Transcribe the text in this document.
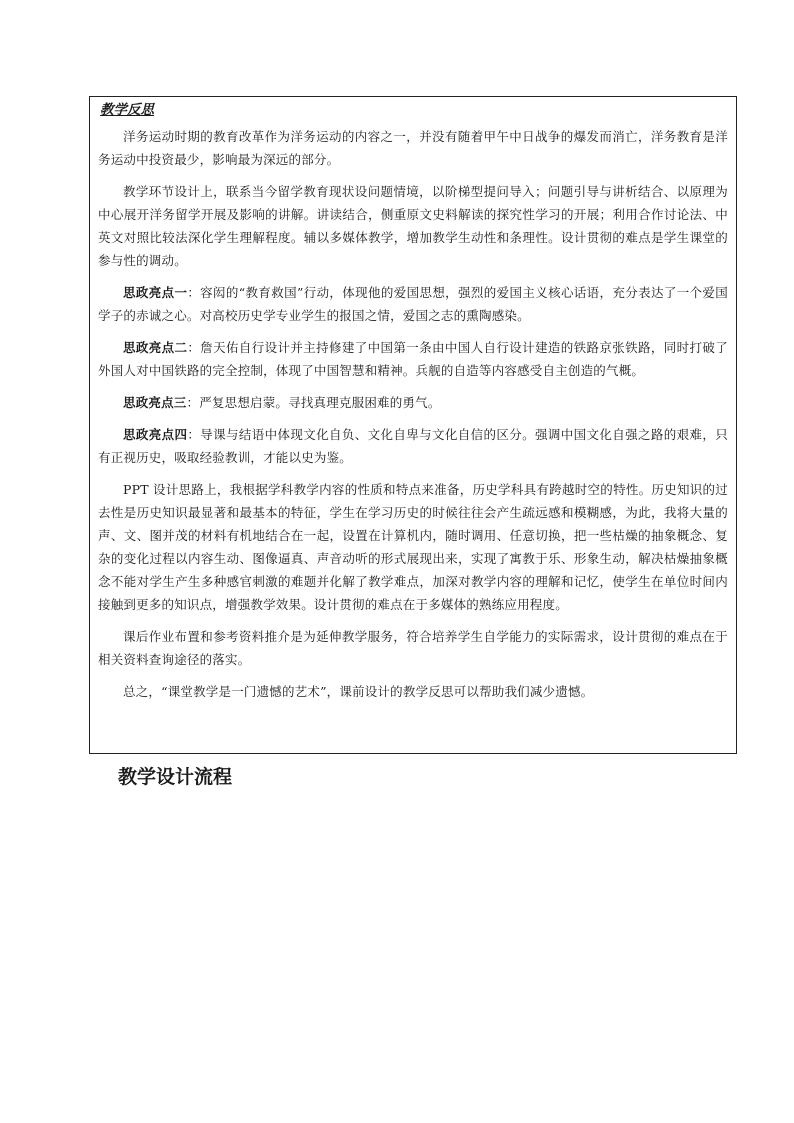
教学反思

洋务运动时期的教育改革作为洋务运动的内容之一，并没有随着甲午中日战争的爆发而消亡，洋务教育是洋务运动中投资最少，影响最为深远的部分。

教学环节设计上，联系当今留学教育现状设问题情境，以阶梯型提问导入；问题引导与讲析结合、以原理为中心展开洋务留学开展及影响的讲解。讲读结合，侧重原文史料解读的探究性学习的开展；利用合作讨论法、中英文对照比较法深化学生理解程度。辅以多媒体教学，增加教学生动性和条理性。设计贯彻的难点是学生课堂的参与性的调动。

思政亮点一：容闳的“教育救国”行动，体现他的爱国思想，强烈的爱国主义核心话语，充分表达了一个爱国学子的赤诚之心。对高校历史学专业学生的报国之情，爱国之志的熏陶感染。

思政亮点二：詹天佑自行设计并主持修建了中国第一条由中国人自行设计建造的铁路京张铁路，同时打破了外国人对中国铁路的完全控制，体现了中国智慧和精神。兵舰的自造等内容感受自主创造的气概。

思政亮点三：严复思想启蒙。寻找真理克服困难的勇气。

思政亮点四：导课与结语中体现文化自负、文化自卑与文化自信的区分。强调中国文化自强之路的艰难，只有正视历史，吸取经验教训，才能以史为鉴。

PPT 设计思路上，我根据学科教学内容的性质和特点来准备，历史学科具有跨越时空的特性。历史知识的过去性是历史知识最显著和最基本的特征，学生在学习历史的时候往往会产生疏远感和模糊感，为此，我将大量的声、文、图并茂的材料有机地结合在一起，设置在计算机内，随时调用、任意切换，把一些枯燥的抽象概念、复杂的变化过程以内容生动、图像逼真、声音动听的形式展现出来，实现了寓教于乐、形象生动，解决枯燥抽象概念不能对学生产生多种感官刺激的难题并化解了教学难点，加深对教学内容的理解和记忆，使学生在单位时间内接触到更多的知识点，增强教学效果。设计贯彻的难点在于多媒体的熟练应用程度。

课后作业布置和参考资料推介是为延伸教学服务，符合培养学生自学能力的实际需求，设计贯彻的难点在于相关资料查询途径的落实。

总之，“课堂教学是一门遗憾的艺术”，课前设计的教学反思可以帮助我们减少遗憾。

教学设计流程
